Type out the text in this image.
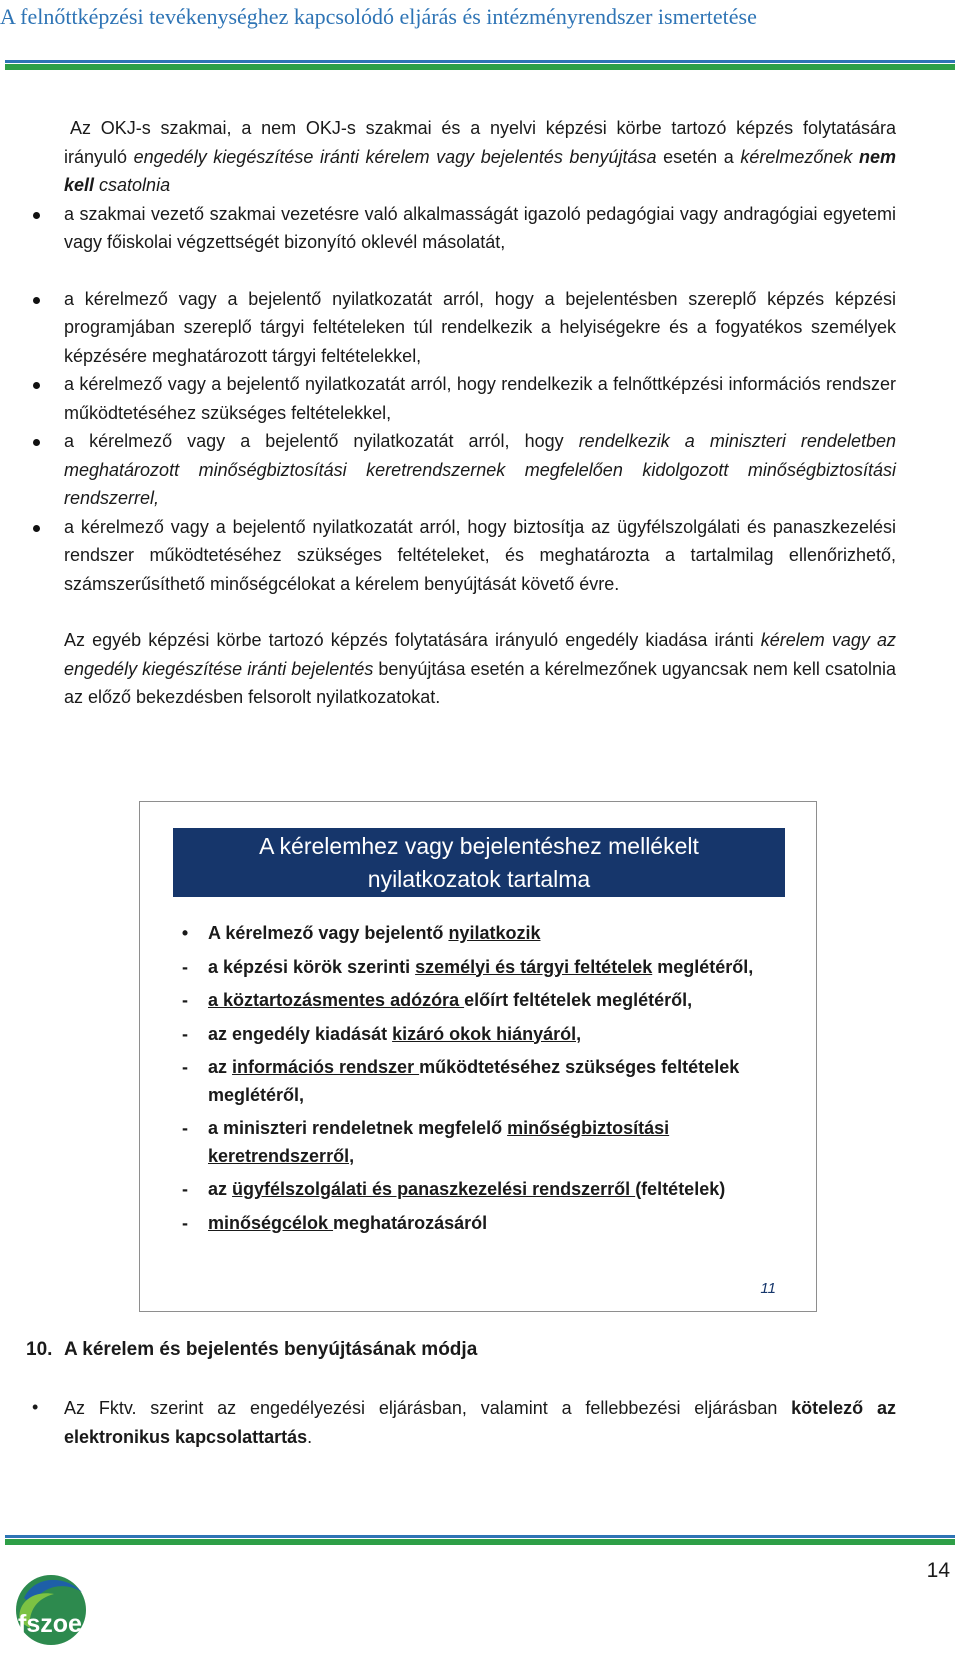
A felnőttképzési tevékenységhez kapcsolódó eljárás és intézményrendszer ismertetése

Az OKJ-s szakmai, a nem OKJ-s szakmai és a nyelvi képzési körbe tartozó képzés folytatására irányuló engedély kiegészítése iránti kérelem vagy bejelentés benyújtása esetén a kérelmezőnek nem kell csatolnia

a szakmai vezető szakmai vezetésre való alkalmasságát igazoló pedagógiai vagy andragógiai egyetemi vagy főiskolai végzettségét bizonyító oklevél másolatát,
a kérelmező vagy a bejelentő nyilatkozatát arról, hogy a bejelentésben szereplő képzés képzési programjában szereplő tárgyi feltételeken túl rendelkezik a helyiségekre és a fogyatékos személyek képzésére meghatározott tárgyi feltételekkel,
a kérelmező vagy a bejelentő nyilatkozatát arról, hogy rendelkezik a felnőttképzési információs rendszer működtetéséhez szükséges feltételekkel,
a kérelmező vagy a bejelentő nyilatkozatát arról, hogy rendelkezik a miniszteri rendeletben meghatározott minőségbiztosítási keretrendszernek megfelelően kidolgozott minőségbiztosítási rendszerrel,
a kérelmező vagy a bejelentő nyilatkozatát arról, hogy biztosítja az ügyfélszolgálati és panaszkezelési rendszer működtetéséhez szükséges feltételeket, és meghatározta a tartalmilag ellenőrizhető, számszerűsíthető minőségcélokat a kérelem benyújtását követő évre.

Az egyéb képzési körbe tartozó képzés folytatására irányuló engedély kiadása iránti kérelem vagy az engedély kiegészítése iránti bejelentés benyújtása esetén a kérelmezőnek ugyancsak nem kell csatolnia az előző bekezdésben felsorolt nyilatkozatokat.

A kérelemhez vagy bejelentéshez mellékelt
nyilatkozatok tartalma
•	A kérelmező vagy bejelentő nyilatkozik
-	a képzési körök szerinti személyi és tárgyi feltételek meglétéről,
-	a köztartozásmentes adózóra előírt feltételek meglétéről,
-	az engedély kiadását kizáró okok hiányáról,
-	az információs rendszer működtetéséhez szükséges feltételek meglétéről,
-	a miniszteri rendeletnek megfelelő minőségbiztosítási keretrendszerről,
-	az ügyfélszolgálati és panaszkezelési rendszerről (feltételek)
-	minőségcélok meghatározásáról
11
10. A kérelem és bejelentés benyújtásának módja
• Az Fktv. szerint az engedélyezési eljárásban, valamint a fellebbezési eljárásban kötelező az elektronikus kapcsolattartás.
fszoe
14
